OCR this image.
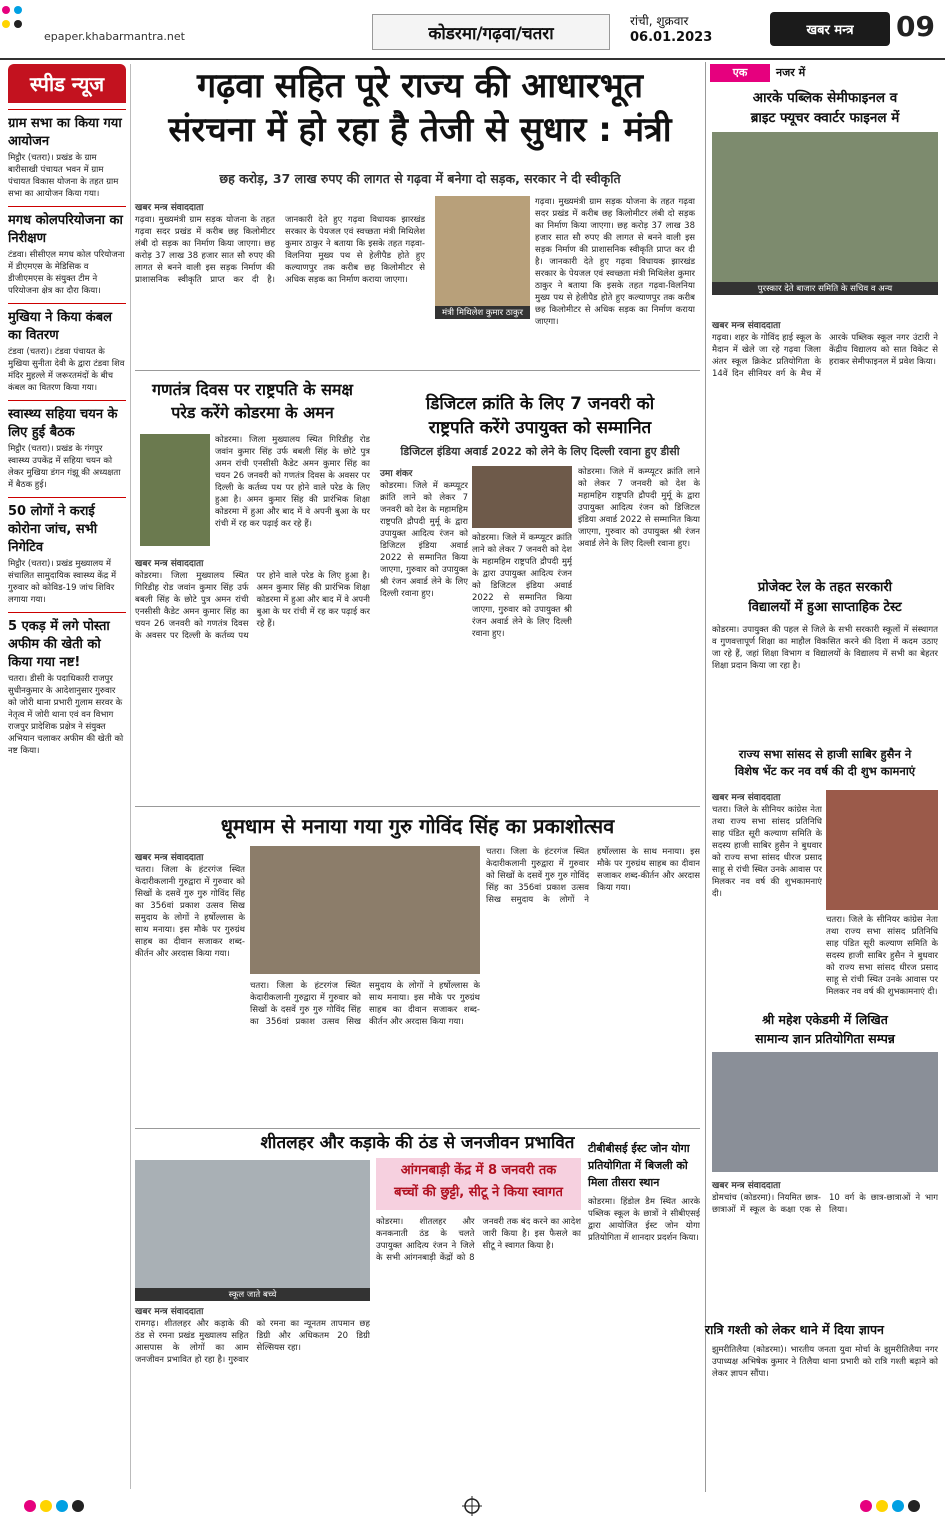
epaper.khabarmantra.net	कोडरमा/गढ़वा/चतरा
रांची, शुक्रवार
06.01.2023	खबर मन्त्र	09
स्पीड न्यूज
ग्राम सभा का किया गया आयोजन
मिट्ठौर (चतरा)। प्रखंड के ग्राम बारीसाखी पंचायत भवन में ग्राम पंचायत विकास योजना के तहत ग्राम सभा का आयोजन किया गया।
मगध कोलपरियोजना का निरीक्षण
टंडवा। सीसीएल मगध कोल परियोजना में डीएमएस के मेडिसिक व डीजीएमएस के संयुक्त टीम ने परियोजना क्षेत्र का दौरा किया।
मुखिया ने किया कंबल का वितरण
टंडवा (चतरा)। टंडवा पंचायत के मुखिया सुनीता देवी के द्वारा टंडवा शिव मंदिर मुहल्ले में जरूरतमंदों के बीच कंबल का वितरण किया गया।
स्वास्थ्य सहिया चयन के लिए हुई बैठक
मिट्ठौर (चतरा)। प्रखंड के गंगपुर स्वास्थ्य उपकेंद्र में सहिया चयन को लेकर मुखिया डंगन गंझू की अध्यक्षता में बैठक हुई।
50 लोगों ने कराई कोरोना जांच, सभी निगेटिव
मिट्ठौर (चतरा)। प्रखंड मुख्यालय में संचालित सामुदायिक स्वास्थ्य केंद्र में गुरुवार को कोविड-19 जांच शिविर लगाया गया।
5 एकड़ में लगे पोस्ता अफीम की खेती को किया गया नष्ट!
चतरा। डीसी के पदाधिकारी राजपुर सुधीनकुमार के आदेशानुसार गुरुवार को जोरी थाना प्रभारी गुलाम सरवर के नेतृत्व में जोरी थाना एवं वन विभाग राजपुर प्रादेशिक प्रक्षेत्र ने संयुक्त अभियान चलाकर अफीम की खेती को नष्ट किया।
गढ़वा सहित पूरे राज्य की आधारभूत
संरचना में हो रहा है तेजी से सुधार : मंत्री
छह करोड़, 37 लाख रुपए की लागत से गढ़वा में बनेगा दो सड़क, सरकार ने दी स्वीकृति
खबर मन्त्र संवाददाता
गढ़वा। मुख्यमंत्री ग्राम सड़क योजना के तहत गढ़वा सदर प्रखंड में करीब छह किलोमीटर लंबी दो सड़क का निर्माण किया जाएगा। छह करोड़ 37 लाख 38 हजार सात सौ रुपए की लागत से बनने वाली इस सड़क निर्माण की प्राशासनिक स्वीकृति प्राप्त कर दी है। जानकारी देते हुए गढ़वा विधायक झारखंड सरकार के पेयजल एवं स्वच्छता मंत्री मिथिलेश कुमार ठाकुर ने बताया कि इसके तहत गढ़वा-विलनिया मुख्य पथ से हेलीपैड होते हुए कल्याणपुर तक करीब छह किलोमीटर से अधिक सड़क का निर्माण कराया जाएगा।
मंत्री मिथिलेश कुमार ठाकुर
गढ़वा। मुख्यमंत्री ग्राम सड़क योजना के तहत गढ़वा सदर प्रखंड में करीब छह किलोमीटर लंबी दो सड़क का निर्माण किया जाएगा। छह करोड़ 37 लाख 38 हजार सात सौ रुपए की लागत से बनने वाली इस सड़क निर्माण की प्राशासनिक स्वीकृति प्राप्त कर दी है। जानकारी देते हुए गढ़वा विधायक झारखंड सरकार के पेयजल एवं स्वच्छता मंत्री मिथिलेश कुमार ठाकुर ने बताया कि इसके तहत गढ़वा-विलनिया मुख्य पथ से हेलीपैड होते हुए कल्याणपुर तक करीब छह किलोमीटर से अधिक सड़क का निर्माण कराया जाएगा।
गणतंत्र दिवस पर राष्ट्रपति के समक्ष
परेड करेंगे कोडरमा के अमन
खबर मन्त्र संवाददाता
कोडरमा। जिला मुख्यालय स्थित गिरिडीह रोड जवांन कुमार सिंह उर्फ बबली सिंह के छोटे पुत्र अमन रांची एनसीसी कैडेट अमन कुमार सिंह का चयन 26 जनवरी को गणतंत्र दिवस के अवसर पर दिल्ली के कर्तव्य पथ पर होने वाले परेड के लिए हुआ है। अमन कुमार सिंह की प्रारंभिक शिक्षा कोडरमा में हुआ और बाद में वे अपनी बुआ के घर रांची में रह कर पढ़ाई कर रहे हैं।
कोडरमा। जिला मुख्यालय स्थित गिरिडीह रोड जवांन कुमार सिंह उर्फ बबली सिंह के छोटे पुत्र अमन रांची एनसीसी कैडेट अमन कुमार सिंह का चयन 26 जनवरी को गणतंत्र दिवस के अवसर पर दिल्ली के कर्तव्य पथ पर होने वाले परेड के लिए हुआ है। अमन कुमार सिंह की प्रारंभिक शिक्षा कोडरमा में हुआ और बाद में वे अपनी बुआ के घर रांची में रह कर पढ़ाई कर रहे हैं।
डिजिटल क्रांति के लिए 7 जनवरी को
राष्ट्रपति करेंगे उपायुक्त को सम्मानित
डिजिटल इंडिया अवार्ड 2022 को लेने के लिए दिल्ली रवाना हुए डीसी
उमा शंकर
कोडरमा। जिले में कम्प्यूटर क्रांति लाने को लेकर 7 जनवरी को देश के महामहिम राष्ट्रपति द्रौपदी मुर्मू के द्वारा उपायुक्त आदित्य रंजन को डिजिटल इंडिया अवार्ड 2022 से सम्मानित किया जाएगा, गुरुवार को उपायुक्त श्री रंजन अवार्ड लेने के लिए दिल्ली रवाना हुए।
कोडरमा। जिले में कम्प्यूटर क्रांति लाने को लेकर 7 जनवरी को देश के महामहिम राष्ट्रपति द्रौपदी मुर्मू के द्वारा उपायुक्त आदित्य रंजन को डिजिटल इंडिया अवार्ड 2022 से सम्मानित किया जाएगा, गुरुवार को उपायुक्त श्री रंजन अवार्ड लेने के लिए दिल्ली रवाना हुए।
कोडरमा। जिले में कम्प्यूटर क्रांति लाने को लेकर 7 जनवरी को देश के महामहिम राष्ट्रपति द्रौपदी मुर्मू के द्वारा उपायुक्त आदित्य रंजन को डिजिटल इंडिया अवार्ड 2022 से सम्मानित किया जाएगा, गुरुवार को उपायुक्त श्री रंजन अवार्ड लेने के लिए दिल्ली रवाना हुए।
धूमधाम से मनाया गया गुरु गोविंद सिंह का प्रकाशोत्सव
खबर मन्त्र संवाददाता
चतरा। जिला के हंटरगंज स्थित केदारीकलानी गुरुद्वारा में गुरुवार को सिखों के दसवें गुरु गुरु गोविंद सिंह का 356वां प्रकाश उत्सव सिख समुदाय के लोगों ने हर्षोल्लास के साथ मनाया। इस मौके पर गुरुग्रंथ साहब का दीवान सजाकर शब्द-कीर्तन और अरदास किया गया।
चतरा। जिला के हंटरगंज स्थित केदारीकलानी गुरुद्वारा में गुरुवार को सिखों के दसवें गुरु गुरु गोविंद सिंह का 356वां प्रकाश उत्सव सिख समुदाय के लोगों ने हर्षोल्लास के साथ मनाया। इस मौके पर गुरुग्रंथ साहब का दीवान सजाकर शब्द-कीर्तन और अरदास किया गया।
चतरा। जिला के हंटरगंज स्थित केदारीकलानी गुरुद्वारा में गुरुवार को सिखों के दसवें गुरु गुरु गोविंद सिंह का 356वां प्रकाश उत्सव सिख समुदाय के लोगों ने हर्षोल्लास के साथ मनाया। इस मौके पर गुरुग्रंथ साहब का दीवान सजाकर शब्द-कीर्तन और अरदास किया गया।
शीतलहर और कड़ाके की ठंड से जनजीवन प्रभावित
स्कूल जाते बच्चे
खबर मन्त्र संवाददाता
रामगढ़। शीतलहर और कड़ाके की ठंड से रमना प्रखंड मुख्यालय सहित आसपास के लोगों का आम जनजीवन प्रभावित हो रहा है। गुरुवार को रमना का न्यूनतम तापमान छह डिग्री और अधिकतम 20 डिग्री सेल्सियस रहा।
आंगनबाड़ी केंद्र में 8 जनवरी तक
बच्चों की छुट्टी, सीटू ने किया स्वागत
कोडरमा। शीतलहर और कनकनाती ठंड के चलते उपायुक्त आदित्य रंजन ने जिले के सभी आंगनबाड़ी केंद्रों को 8 जनवरी तक बंद करने का आदेश जारी किया है। इस फैसले का सीटू ने स्वागत किया है।
टीबीबीसई ईस्ट जोन योगा
प्रतियोगिता में बिजली को
मिला तीसरा स्थान
कोडरमा। हिंडोल डैम स्थित आरके पब्लिक स्कूल के छात्रों ने सीबीएसई द्वारा आयोजित ईस्ट जोन योगा प्रतियोगिता में शानदार प्रदर्शन किया।
एक	नजर में
आरके पब्लिक सेमीफाइनल व
ब्राइट फ्यूचर क्वार्टर फाइनल में
पुरस्कार देते बाजार समिति के सचिव व अन्य
खबर मन्त्र संवाददाता
गढ़वा। शहर के गोविंद हाई स्कूल के मैदान में खेले जा रहे गढ़वा जिला अंतर स्कूल क्रिकेट प्रतियोगिता के 14वें दिन सीनियर वर्ग के मैच में आरके पब्लिक स्कूल नगर उंटारी ने केंद्रीय विद्यालय को सात विकेट से हराकर सेमीफाइनल में प्रवेश किया।
प्रोजेक्ट रेल के तहत सरकारी
विद्यालयों में हुआ साप्ताहिक टेस्ट
कोडरमा। उपायुक्त की पहल से जिले के सभी सरकारी स्कूलों में संस्थागत व गुणवत्तापूर्ण शिक्षा का माहौल विकसित करने की दिशा में कदम उठाए जा रहे हैं, जहां शिक्षा विभाग व विद्यालयों के विद्यालय में सभी का बेहतर शिक्षा प्रदान किया जा रहा है।
राज्य सभा सांसद से हाजी साबिर हुसैन ने
विशेष भेंट कर नव वर्ष की दी शुभ कामनाएं
खबर मन्त्र संवाददाता
चतरा। जिले के सीनियर कांग्रेस नेता तथा राज्य सभा सांसद प्रतिनिधि साह पंडित सूरी कल्याण समिति के सदस्य हाजी साबिर हुसैन ने बुधवार को राज्य सभा सांसद धीरज प्रसाद साहू से रांची स्थित उनके आवास पर मिलकर नव वर्ष की शुभकामनाएं दी।
चतरा। जिले के सीनियर कांग्रेस नेता तथा राज्य सभा सांसद प्रतिनिधि साह पंडित सूरी कल्याण समिति के सदस्य हाजी साबिर हुसैन ने बुधवार को राज्य सभा सांसद धीरज प्रसाद साहू से रांची स्थित उनके आवास पर मिलकर नव वर्ष की शुभकामनाएं दी।
श्री महेश एकेडमी में लिखित
सामान्य ज्ञान प्रतियोगिता सम्पन्न
खबर मन्त्र संवाददाता
डोमचांच (कोडरमा)। नियमित छात्र-छात्राओं में स्कूल के कक्षा एक से 10 वर्ग के छात्र-छात्राओं ने भाग लिया।
रात्रि गश्ती को लेकर थाने में दिया ज्ञापन
झुमरीतिलैया (कोडरमा)। भारतीय जनता युवा मोर्चा के झुमरीतिलैया नगर उपाध्यक्ष अभिषेक कुमार ने तिलैया थाना प्रभारी को रात्रि गश्ती बढ़ाने को लेकर ज्ञापन सौंपा।
